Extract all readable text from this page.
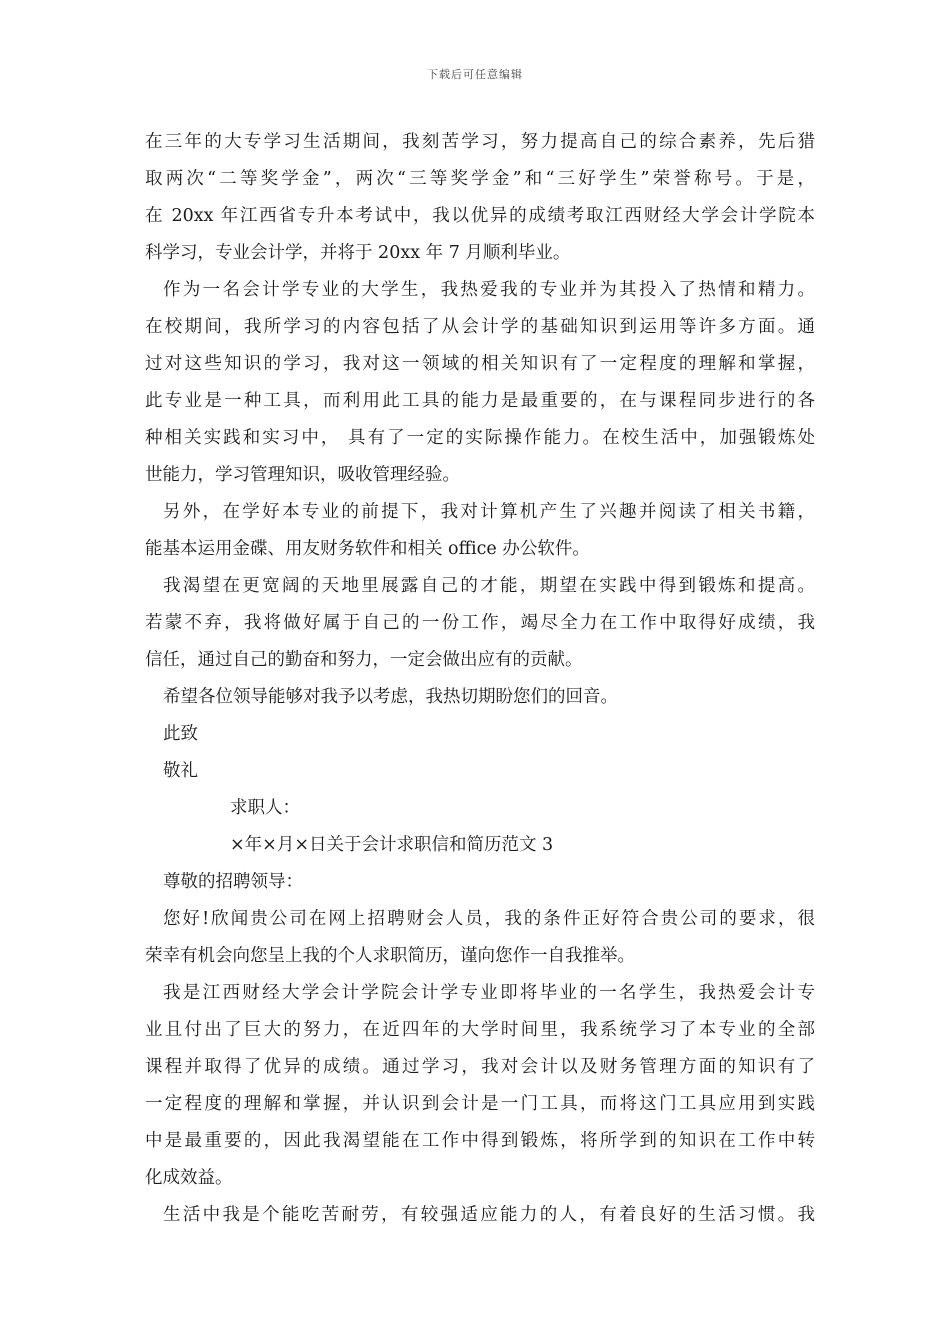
下载后可任意编辑
在三年的大专学习生活期间，我刻苦学习，努力提高自己的综合素养，先后猎
取两次“二等奖学金”，两次“三等奖学金”和“三好学生”荣誉称号。于是，
在 20xx 年江西省专升本考试中，我以优异的成绩考取江西财经大学会计学院本
科学习，专业会计学，并将于 20xx 年 7 月顺利毕业。
作为一名会计学专业的大学生，我热爱我的专业并为其投入了热情和精力。
在校期间，我所学习的内容包括了从会计学的基础知识到运用等许多方面。通
过对这些知识的学习，我对这一领域的相关知识有了一定程度的理解和掌握，
此专业是一种工具，而利用此工具的能力是最重要的，在与课程同步进行的各
种相关实践和实习中， 具有了一定的实际操作能力。在校生活中，加强锻炼处
世能力，学习管理知识，吸收管理经验。
另外，在学好本专业的前提下，我对计算机产生了兴趣并阅读了相关书籍，
能基本运用金碟、用友财务软件和相关 office 办公软件。
我渴望在更宽阔的天地里展露自己的才能，期望在实践中得到锻炼和提高。
若蒙不弃，我将做好属于自己的一份工作，竭尽全力在工作中取得好成绩，我
信任，通过自己的勤奋和努力，一定会做出应有的贡献。
希望各位领导能够对我予以考虑，我热切期盼您们的回音。
此致
敬礼
求职人：
×年×月×日关于会计求职信和简历范文 3
尊敬的招聘领导：
您好!欣闻贵公司在网上招聘财会人员，我的条件正好符合贵公司的要求，很
荣幸有机会向您呈上我的个人求职简历，谨向您作一自我推举。
我是江西财经大学会计学院会计学专业即将毕业的一名学生，我热爱会计专
业且付出了巨大的努力，在近四年的大学时间里，我系统学习了本专业的全部
课程并取得了优异的成绩。通过学习，我对会计以及财务管理方面的知识有了
一定程度的理解和掌握，并认识到会计是一门工具，而将这门工具应用到实践
中是最重要的，因此我渴望能在工作中得到锻炼，将所学到的知识在工作中转
化成效益。
生活中我是个能吃苦耐劳，有较强适应能力的人，有着良好的生活习惯。我
